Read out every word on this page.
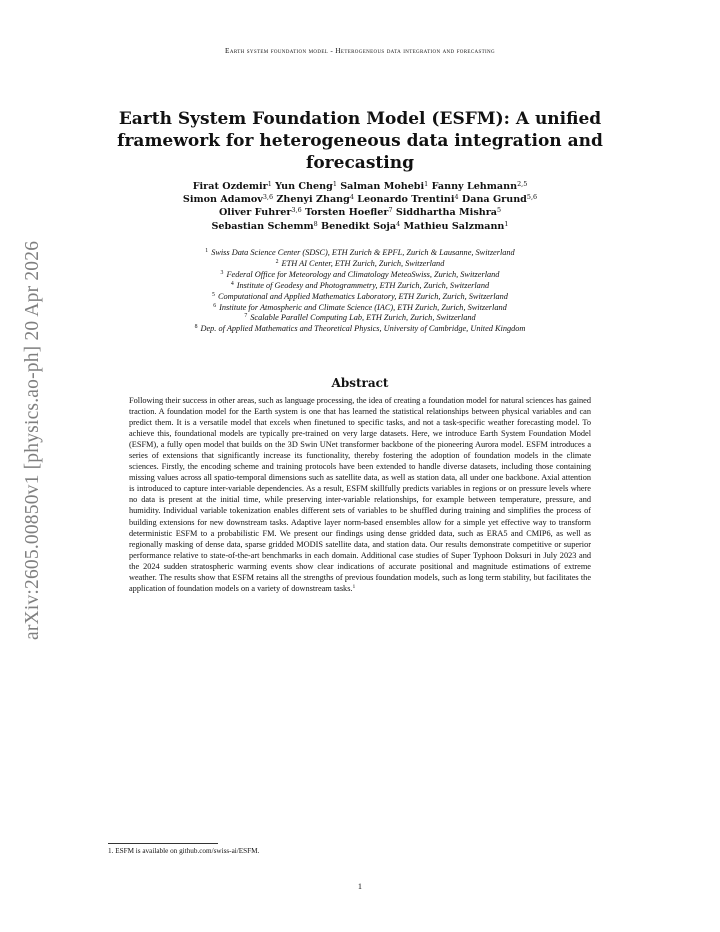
Earth system foundation model - Heterogeneous data integration and forecasting
arXiv:2605.00850v1 [physics.ao-ph] 20 Apr 2026
Earth System Foundation Model (ESFM): A unified framework for heterogeneous data integration and forecasting
Firat Ozdemir$^1$ Yun Cheng$^1$ Salman Mohebi$^1$ Fanny Lehmann$^{2,5}$
Simon Adamov$^{3,6}$ Zhenyi Zhang$^4$ Leonardo Trentini$^4$ Dana Grund$^{5,6}$
Oliver Fuhrer$^{3,6}$ Torsten Hoefler$^7$ Siddhartha Mishra$^5$
Sebastian Schemm$^8$ Benedikt Soja$^4$ Mathieu Salzmann$^1$
$^1$ Swiss Data Science Center (SDSC), ETH Zurich & EPFL, Zurich & Lausanne, Switzerland
$^2$ ETH AI Center, ETH Zurich, Zurich, Switzerland
$^3$ Federal Office for Meteorology and Climatology MeteoSwiss, Zurich, Switzerland
$^4$ Institute of Geodesy and Photogrammetry, ETH Zurich, Zurich, Switzerland
$^5$ Computational and Applied Mathematics Laboratory, ETH Zurich, Zurich, Switzerland
$^6$ Institute for Atmospheric and Climate Science (IAC), ETH Zurich, Zurich, Switzerland
$^7$ Scalable Parallel Computing Lab, ETH Zurich, Zurich, Switzerland
$^8$ Dep. of Applied Mathematics and Theoretical Physics, University of Cambridge, United Kingdom
Abstract
Following their success in other areas, such as language processing, the idea of creating a foundation model for natural sciences has gained traction. A foundation model for the Earth system is one that has learned the statistical relationships between physical variables and can predict them. It is a versatile model that excels when finetuned to specific tasks, and not a task-specific weather forecasting model. To achieve this, foundational models are typically pre-trained on very large datasets. Here, we introduce Earth System Foundation Model (ESFM), a fully open model that builds on the 3D Swin UNet transformer backbone of the pioneering Aurora model. ESFM introduces a series of extensions that significantly increase its functionality, thereby fostering the adoption of foundation models in the climate sciences. Firstly, the encoding scheme and training protocols have been extended to handle diverse datasets, including those containing missing values across all spatio-temporal dimensions such as satellite data, as well as station data, all under one backbone. Axial attention is introduced to capture inter-variable dependencies. As a result, ESFM skillfully predicts variables in regions or on pressure levels where no data is present at the initial time, while preserving inter-variable relationships, for example between temperature, pressure, and humidity. Individual variable tokenization enables different sets of variables to be shuffled during training and simplifies the process of building extensions for new downstream tasks. Adaptive layer norm-based ensembles allow for a simple yet effective way to transform deterministic ESFM to a probabilistic FM. We present our findings using dense gridded data, such as ERA5 and CMIP6, as well as regionally masking of dense data, sparse gridded MODIS satellite data, and station data. Our results demonstrate competitive or superior performance relative to state-of-the-art benchmarks in each domain. Additional case studies of Super Typhoon Doksuri in July 2023 and the 2024 sudden stratospheric warming events show clear indications of accurate positional and magnitude estimations of extreme weather. The results show that ESFM retains all the strengths of previous foundation models, such as long term stability, but facilitates the application of foundation models on a variety of downstream tasks.$^1$
1. ESFM is available on github.com/swiss-ai/ESFM.
1
